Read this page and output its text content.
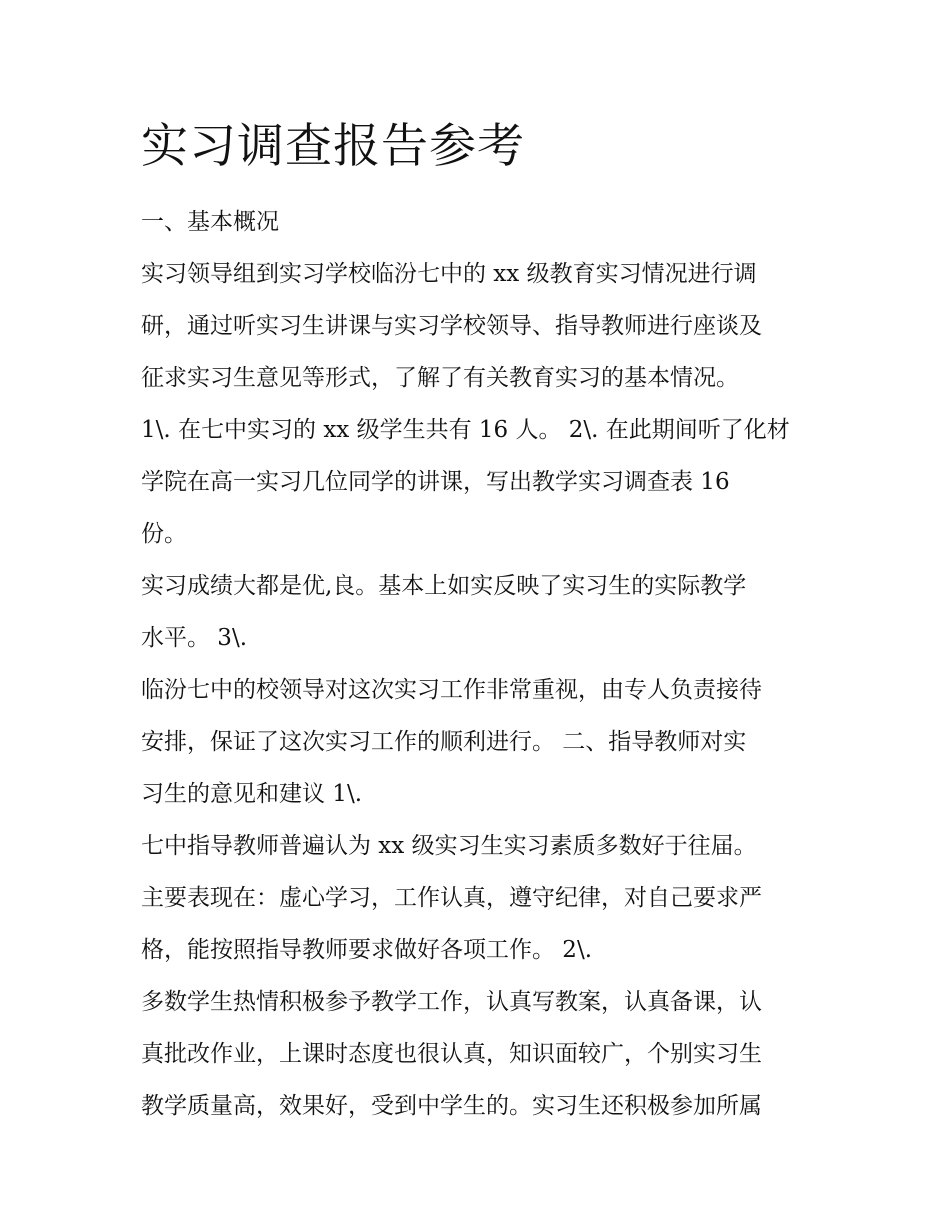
实习调查报告参考
一、基本概况
实习领导组到实习学校临汾七中的 xx 级教育实习情况进行调
研，通过听实习生讲课与实习学校领导、指导教师进行座谈及
征求实习生意见等形式，了解了有关教育实习的基本情况。
1\. 在七中实习的 xx 级学生共有 16 人。 2\. 在此期间听了化材
学院在高一实习几位同学的讲课，写出教学实习调查表 16
份。
实习成绩大都是优,良。基本上如实反映了实习生的实际教学
水平。 3\.
临汾七中的校领导对这次实习工作非常重视，由专人负责接待
安排，保证了这次实习工作的顺利进行。 二、指导教师对实
习生的意见和建议 1\.
七中指导教师普遍认为 xx 级实习生实习素质多数好于往届。
主要表现在：虚心学习，工作认真，遵守纪律，对自己要求严
格，能按照指导教师要求做好各项工作。 2\.
多数学生热情积极参予教学工作，认真写教案，认真备课，认
真批改作业，上课时态度也很认真，知识面较广，个别实习生
教学质量高，效果好，受到中学生的。实习生还积极参加所属
